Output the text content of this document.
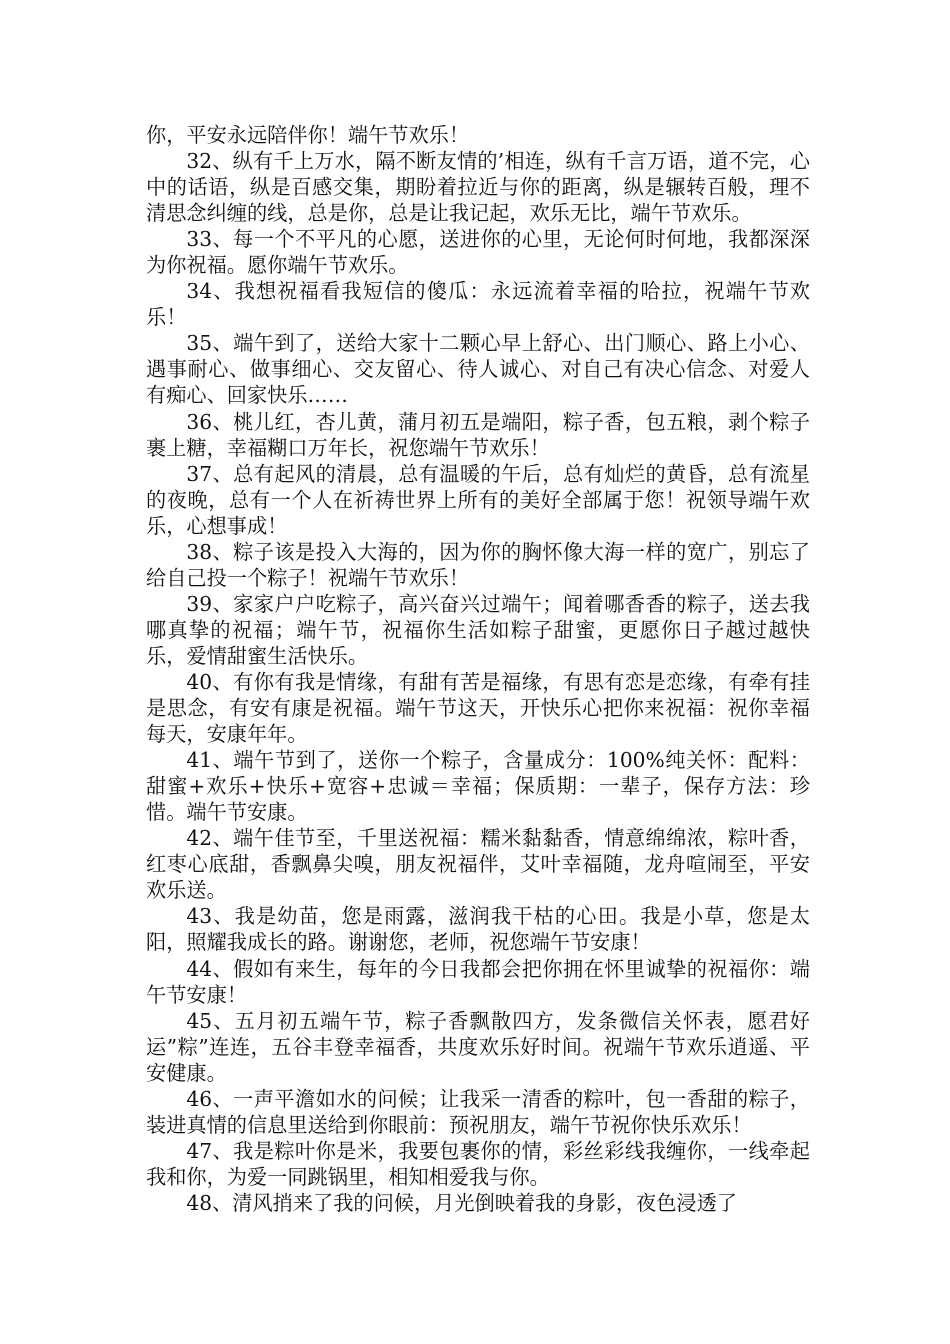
你，平安永远陪伴你！端午节欢乐！

32、纵有千上万水，隔不断友情的’相连，纵有千言万语，道不完，心中的话语，纵是百感交集，期盼着拉近与你的距离，纵是辗转百般，理不清思念纠缠的线，总是你，总是让我记起，欢乐无比，端午节欢乐。

33、每一个不平凡的心愿，送进你的心里，无论何时何地，我都深深为你祝福。愿你端午节欢乐。

34、我想祝福看我短信的傻瓜：永远流着幸福的哈拉，祝端午节欢乐！

35、端午到了，送给大家十二颗心早上舒心、出门顺心、路上小心、遇事耐心、做事细心、交友留心、待人诚心、对自己有决心信念、对爱人有痴心、回家快乐……

36、桃儿红，杏儿黄，蒲月初五是端阳，粽子香，包五粮，剥个粽子裹上糖，幸福糊口万年长，祝您端午节欢乐！

37、总有起风的清晨，总有温暖的午后，总有灿烂的黄昏，总有流星的夜晚，总有一个人在祈祷世界上所有的美好全部属于您！祝领导端午欢乐，心想事成！

38、粽子该是投入大海的，因为你的胸怀像大海一样的宽广，别忘了给自己投一个粽子！祝端午节欢乐！

39、家家户户吃粽子，高兴奋兴过端午；闻着哪香香的粽子，送去我哪真挚的祝福；端午节，祝福你生活如粽子甜蜜，更愿你日子越过越快乐，爱情甜蜜生活快乐。

40、有你有我是情缘，有甜有苦是福缘，有思有恋是恋缘，有牵有挂是思念，有安有康是祝福。端午节这天，开快乐心把你来祝福：祝你幸福每天，安康年年。

41、端午节到了，送你一个粽子，含量成分：100%纯关怀：配料：甜蜜+欢乐+快乐+宽容+忠诚＝幸福；保质期：一辈子，保存方法：珍惜。端午节安康。

42、端午佳节至，千里送祝福：糯米黏黏香，情意绵绵浓，粽叶香，红枣心底甜，香飘鼻尖嗅，朋友祝福伴，艾叶幸福随，龙舟喧闹至，平安欢乐送。

43、我是幼苗，您是雨露，滋润我干枯的心田。我是小草，您是太阳，照耀我成长的路。谢谢您，老师，祝您端午节安康！

44、假如有来生，每年的今日我都会把你拥在怀里诚挚的祝福你：端午节安康！

45、五月初五端午节，粽子香飘散四方，发条微信关怀表，愿君好运”粽”连连，五谷丰登幸福香，共度欢乐好时间。祝端午节欢乐逍遥、平安健康。

46、一声平澹如水的问候；让我采一清香的粽叶，包一香甜的粽子，装进真情的信息里送给到你眼前：预祝朋友，端午节祝你快乐欢乐！

47、我是粽叶你是米，我要包裹你的情，彩丝彩线我缠你，一线牵起我和你，为爱一同跳锅里，相知相爱我与你。

48、清风捎来了我的问候，月光倒映着我的身影，夜色浸透了
